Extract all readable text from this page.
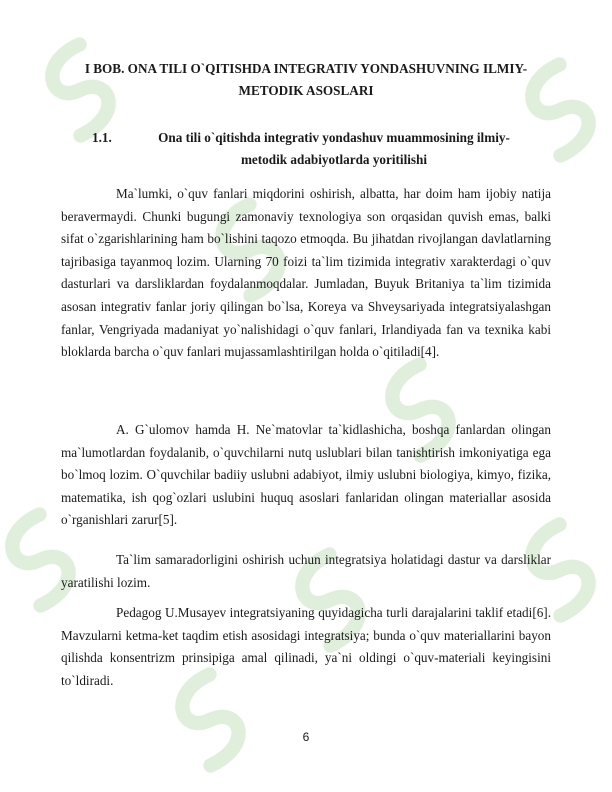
I BOB. ONA TILI O`QITISHDA INTEGRATIV YONDASHUVNING ILMIY-METODIK ASOSLARI
1.1.	Ona tili o`qitishda integrativ yondashuv muammosining ilmiy-metodik adabiyotlarda yoritilishi

Ma`lumki, o`quv fanlari miqdorini oshirish, albatta, har doim ham ijobiy natija beravermaydi. Chunki bugungi zamonaviy texnologiya son orqasidan quvish emas, balki sifat o`zgarishlarining ham bo`lishini taqozo etmoqda. Bu jihatdan rivojlangan davlatlarning tajribasiga tayanmoq lozim. Ularning 70 foizi ta`lim tizimida integrativ xarakterdagi o`quv dasturlari va darsliklardan foydalanmoqdalar. Jumladan, Buyuk Britaniya ta`lim tizimida asosan integrativ fanlar joriy qilingan bo`lsa, Koreya va Shveysariyada integratsiyalashgan fanlar, Vengriyada madaniyat yo`nalishidagi o`quv fanlari, Irlandiyada fan va texnika kabi bloklarda barcha o`quv fanlari mujassamlashtirilgan holda o`qitiladi[4].

A. G`ulomov hamda H. Ne`matovlar ta`kidlashicha, boshqa fanlardan olingan ma`lumotlardan foydalanib, o`quvchilarni nutq uslublari bilan tanishtirish imkoniyatiga ega bo`lmoq lozim. O`quvchilar badiiy uslubni adabiyot, ilmiy uslubni biologiya, kimyo, fizika, matematika, ish qog`ozlari uslubini huquq asoslari fanlaridan olingan materiallar asosida o`rganishlari zarur[5].

Ta`lim samaradorligini oshirish uchun integratsiya holatidagi dastur va darsliklar yaratilishi lozim.

Pedagog U.Musayev integratsiyaning quyidagicha turli darajalarini taklif etadi[6]. Mavzularni ketma-ket taqdim etish asosidagi integratsiya; bunda o`quv materiallarini bayon qilishda konsentrizm prinsipiga amal qilinadi, ya`ni oldingi o`quv-materiali keyingisini to`ldiradi.

6
